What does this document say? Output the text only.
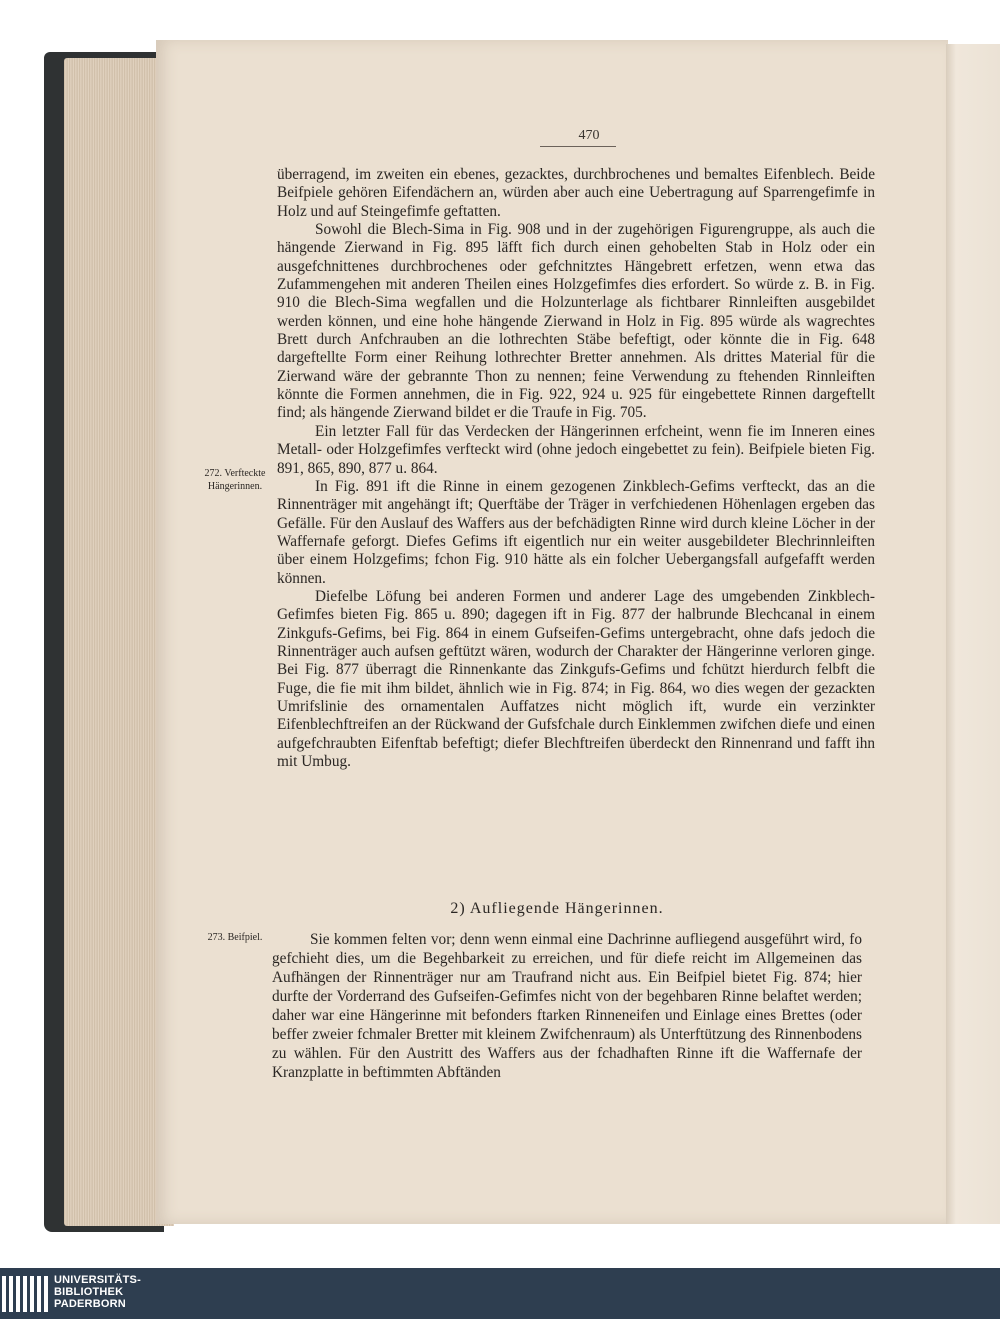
470
272. Verfteckte Hängerinnen.
273. Beifpiel.

überragend, im zweiten ein ebenes, gezacktes, durchbrochenes und bemaltes Eifenblech. Beide Beifpiele gehören Eifendächern an, würden aber auch eine Uebertragung auf Sparrengefimfe in Holz und auf Steingefimfe geftatten.

Sowohl die Blech-Sima in Fig. 908 und in der zugehörigen Figurengruppe, als auch die hängende Zierwand in Fig. 895 läfft fich durch einen gehobelten Stab in Holz oder ein ausgefchnittenes durchbrochenes oder gefchnitztes Hängebrett erfetzen, wenn etwa das Zufammengehen mit anderen Theilen eines Holzgefimfes dies erfordert. So würde z. B. in Fig. 910 die Blech-Sima wegfallen und die Holzunterlage als fichtbarer Rinnleiften ausgebildet werden können, und eine hohe hängende Zierwand in Holz in Fig. 895 würde als wagrechtes Brett durch Anfchrauben an die lothrechten Stäbe befeftigt, oder könnte die in Fig. 648 dargeftellte Form einer Reihung lothrechter Bretter annehmen. Als drittes Material für die Zierwand wäre der gebrannte Thon zu nennen; feine Verwendung zu ftehenden Rinnleiften könnte die Formen annehmen, die in Fig. 922, 924 u. 925 für eingebettete Rinnen dargeftellt find; als hängende Zierwand bildet er die Traufe in Fig. 705.

Ein letzter Fall für das Verdecken der Hängerinnen erfcheint, wenn fie im Inneren eines Metall- oder Holzgefimfes verfteckt wird (ohne jedoch eingebettet zu fein). Beifpiele bieten Fig. 891, 865, 890, 877 u. 864.

In Fig. 891 ift die Rinne in einem gezogenen Zinkblech-Gefims verfteckt, das an die Rinnenträger mit angehängt ift; Querftäbe der Träger in verfchiedenen Höhenlagen ergeben das Gefälle. Für den Auslauf des Waffers aus der befchädigten Rinne wird durch kleine Löcher in der Waffernafe geforgt. Diefes Gefims ift eigentlich nur ein weiter ausgebildeter Blechrinnleiften über einem Holzgefims; fchon Fig. 910 hätte als ein folcher Uebergangsfall aufgefafft werden können.

Diefelbe Löfung bei anderen Formen und anderer Lage des umgebenden Zinkblech-Gefimfes bieten Fig. 865 u. 890; dagegen ift in Fig. 877 der halbrunde Blechcanal in einem Zinkgufs-Gefims, bei Fig. 864 in einem Gufseifen-Gefims untergebracht, ohne dafs jedoch die Rinnenträger auch aufsen geftützt wären, wodurch der Charakter der Hängerinne verloren ginge. Bei Fig. 877 überragt die Rinnenkante das Zinkgufs-Gefims und fchützt hierdurch felbft die Fuge, die fie mit ihm bildet, ähnlich wie in Fig. 874; in Fig. 864, wo dies wegen der gezackten Umrifslinie des ornamentalen Auffatzes nicht möglich ift, wurde ein verzinkter Eifenblechftreifen an der Rückwand der Gufsfchale durch Einklemmen zwifchen diefe und einen aufgefchraubten Eifenftab befeftigt; diefer Blechftreifen überdeckt den Rinnenrand und fafft ihn mit Umbug.

2) Aufliegende Hängerinnen.

Sie kommen felten vor; denn wenn einmal eine Dachrinne aufliegend ausgeführt wird, fo gefchieht dies, um die Begehbarkeit zu erreichen, und für diefe reicht im Allgemeinen das Aufhängen der Rinnenträger nur am Traufrand nicht aus. Ein Beifpiel bietet Fig. 874; hier durfte der Vorderrand des Gufseifen-Gefimfes nicht von der begehbaren Rinne belaftet werden; daher war eine Hängerinne mit befonders ftarken Rinneneifen und Einlage eines Brettes (oder beffer zweier fchmaler Bretter mit kleinem Zwifchenraum) als Unterftützung des Rinnenbodens zu wählen. Für den Austritt des Waffers aus der fchadhaften Rinne ift die Waffernafe der Kranzplatte in beftimmten Abftänden

UNIVERSITÄTS-
BIBLIOTHEK
PADERBORN
